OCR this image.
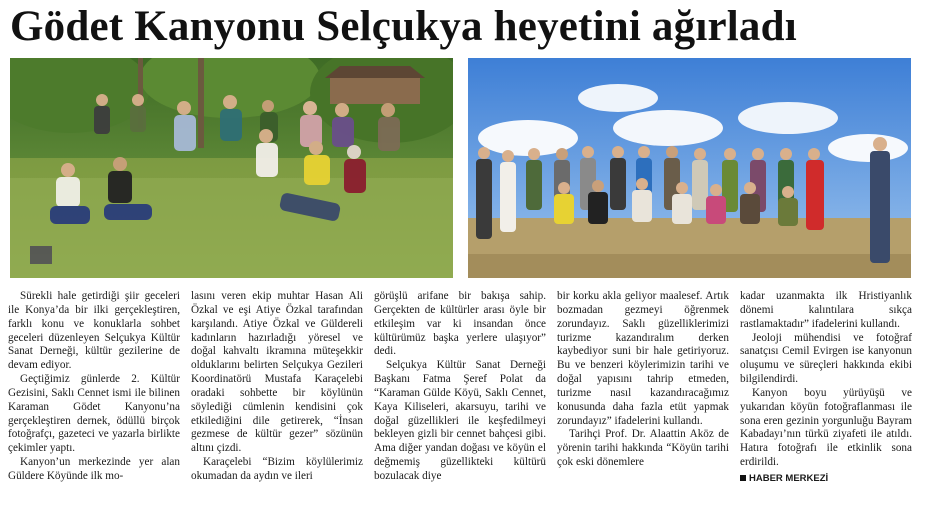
Gödet Kanyonu Selçukya heyetini ağırladı

Sürekli hale getirdiği şiir geceleri ile Konya’da bir ilki gerçekleştiren, farklı konu ve konuklarla sohbet geceleri düzenleyen Selçukya Kültür Sanat Derneği, kültür gezilerine de devam ediyor.

Geçtiğimiz günlerde 2. Kültür Gezisini, Saklı Cennet ismi ile bilinen Karaman Gödet Kanyonu’na gerçekleştiren dernek, ödüllü birçok fotoğrafçı, gazeteci ve yazarla birlikte çekimler yaptı.

Kanyon’un merkezinde yer alan Güldere Köyünde ilk mo-

lasını veren ekip muhtar Hasan Ali Özkal ve eşi Atiye Özkal tarafından karşılandı. Atiye Özkal ve Güldereli kadınların hazırladığı yöresel ve doğal kahvaltı ikramına müteşekkir olduklarını belirten Selçukya Gezileri Koordinatörü Mustafa Karaçelebi oradaki sohbette bir köylünün söylediği cümlenin kendisini çok etkilediğini dile getirerek, “İnsan gezmese de kültür gezer” sözünün altını çizdi.

Karaçelebi “Bizim köylülerimiz okumadan da aydın ve ileri

görüşlü arifane bir bakışa sahip. Gerçekten de kültürler arası öyle bir etkileşim var ki insandan önce kültürümüz başka yerlere ulaşıyor” dedi.

Selçukya Kültür Sanat Derneği Başkanı Fatma Şeref Polat da “Karaman Gülde Köyü, Saklı Cennet, Kaya Kiliseleri, akarsuyu, tarihi ve doğal güzellikleri ile keşfedilmeyi bekleyen gizli bir cennet bahçesi gibi. Ama diğer yandan doğası ve köyün el değmemiş güzellikteki kültürü bozulacak diye

bir korku akla geliyor maalesef. Artık bozmadan gezmeyi öğrenmek zorundayız. Saklı güzelliklerimizi turizme kazandıralım derken kaybediyor suni bir hale getiriyoruz. Bu ve benzeri köylerimizin tarihi ve doğal yapısını tahrip etmeden, turizme nasıl kazandıracağımız konusunda daha fazla etüt yapmak zorundayız” ifadelerini kullandı.

Tarihçi Prof. Dr. Alaattin Aköz de yörenin tarihi hakkında “Köyün tarihi çok eski dönemlere

kadar uzanmakta ilk Hristiyanlık dönemi kalıntılara sıkça rastlamaktadır” ifadelerini kullandı.

Jeoloji mühendisi ve fotoğraf sanatçısı Cemil Evirgen ise kanyonun oluşumu ve süreçleri hakkında ekibi bilgilendirdi.

Kanyon boyu yürüyüşü ve yukarıdan köyün fotoğraflanması ile sona eren gezinin yorgunluğu Bayram Kabadayı’nın türkü ziyafeti ile atıldı. Hatıra fotoğrafı ile etkinlik sona erdirildi.

HABER MERKEZİ
